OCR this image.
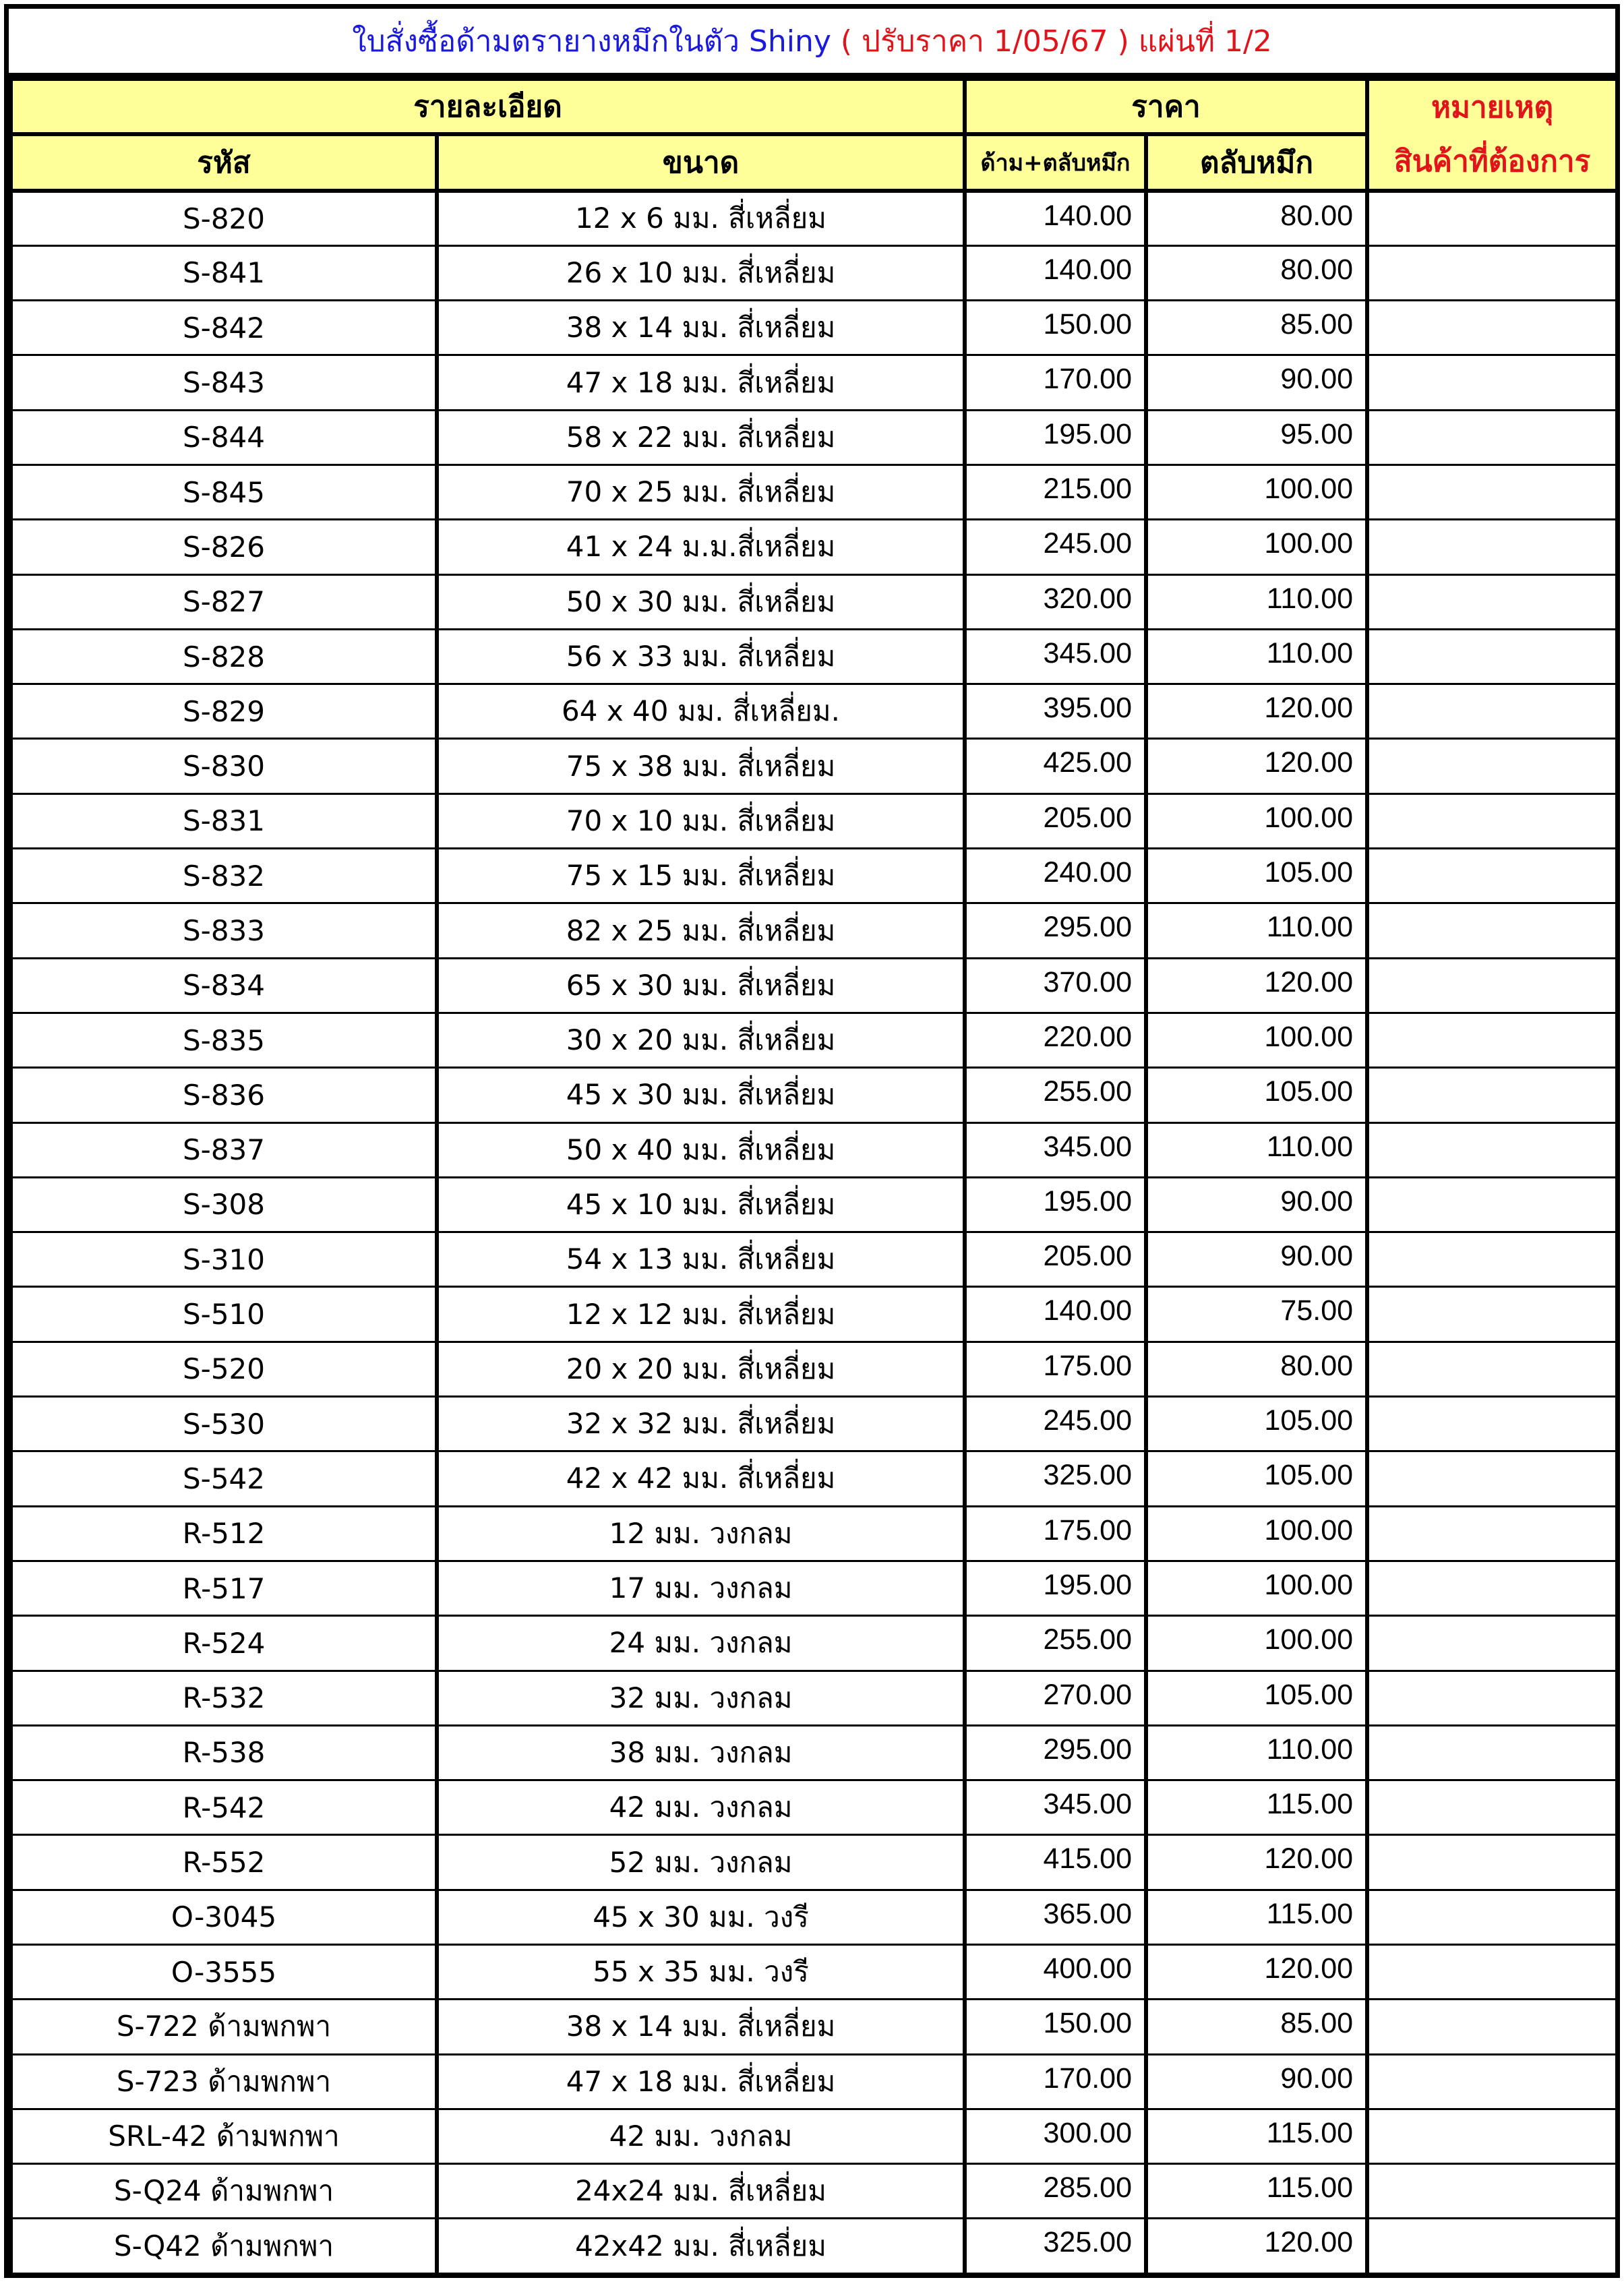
ใบสั่งซื้อด้ามตรายางหมึกในตัว Shiny ( ปรับราคา 1/05/67 ) แผ่นที่ 1/2
รายละเอียด		ราคา		หมายเหตุ
สินค้าที่ต้องการ
รหัส	ขนาด	ด้าม+ตลับหมึก	ตลับหมึก	
S-820	12 x 6 มม. สี่เหลี่ยม	140.00	80.00	
S-841	26 x 10 มม. สี่เหลี่ยม	140.00	80.00	
S-842	38 x 14 มม. สี่เหลี่ยม	150.00	85.00	
S-843	47 x 18 มม. สี่เหลี่ยม	170.00	90.00	
S-844	58 x 22 มม. สี่เหลี่ยม	195.00	95.00	
S-845	70 x 25 มม. สี่เหลี่ยม	215.00	100.00	
S-826	41 x 24 ม.ม.สี่เหลี่ยม	245.00	100.00	
S-827	50 x 30 มม. สี่เหลี่ยม	320.00	110.00	
S-828	56 x 33 มม. สี่เหลี่ยม	345.00	110.00	
S-829	64 x 40 มม. สี่เหลี่ยม.	395.00	120.00	
S-830	75 x 38 มม. สี่เหลี่ยม	425.00	120.00	
S-831	70 x 10 มม. สี่เหลี่ยม	205.00	100.00	
S-832	75 x 15 มม. สี่เหลี่ยม	240.00	105.00	
S-833	82 x 25 มม. สี่เหลี่ยม	295.00	110.00	
S-834	65 x 30 มม. สี่เหลี่ยม	370.00	120.00	
S-835	30 x 20 มม. สี่เหลี่ยม	220.00	100.00	
S-836	45 x 30 มม. สี่เหลี่ยม	255.00	105.00	
S-837	50 x 40 มม. สี่เหลี่ยม	345.00	110.00	
S-308	45 x 10 มม. สี่เหลี่ยม	195.00	90.00	
S-310	54 x 13 มม. สี่เหลี่ยม	205.00	90.00	
S-510	12 x 12 มม. สี่เหลี่ยม	140.00	75.00	
S-520	20 x 20 มม. สี่เหลี่ยม	175.00	80.00	
S-530	32 x 32 มม. สี่เหลี่ยม	245.00	105.00	
S-542	42 x 42 มม. สี่เหลี่ยม	325.00	105.00	
R-512	12 มม. วงกลม	175.00	100.00	
R-517	17 มม. วงกลม	195.00	100.00	
R-524	24 มม. วงกลม	255.00	100.00	
R-532	32 มม. วงกลม	270.00	105.00	
R-538	38 มม. วงกลม	295.00	110.00	
R-542	42 มม. วงกลม	345.00	115.00	
R-552	52 มม. วงกลม	415.00	120.00	
O-3045	45 x 30 มม. วงรี	365.00	115.00	
O-3555	55 x 35 มม. วงรี	400.00	120.00	
S-722 ด้ามพกพา	38 x 14 มม. สี่เหลี่ยม	150.00	85.00	
S-723 ด้ามพกพา	47 x 18 มม. สี่เหลี่ยม	170.00	90.00	
SRL-42 ด้ามพกพา	42 มม. วงกลม	300.00	115.00	
S-Q24 ด้ามพกพา	24x24 มม. สี่เหลี่ยม	285.00	115.00	
S-Q42 ด้ามพกพา	42x42 มม. สี่เหลี่ยม	325.00	120.00	
